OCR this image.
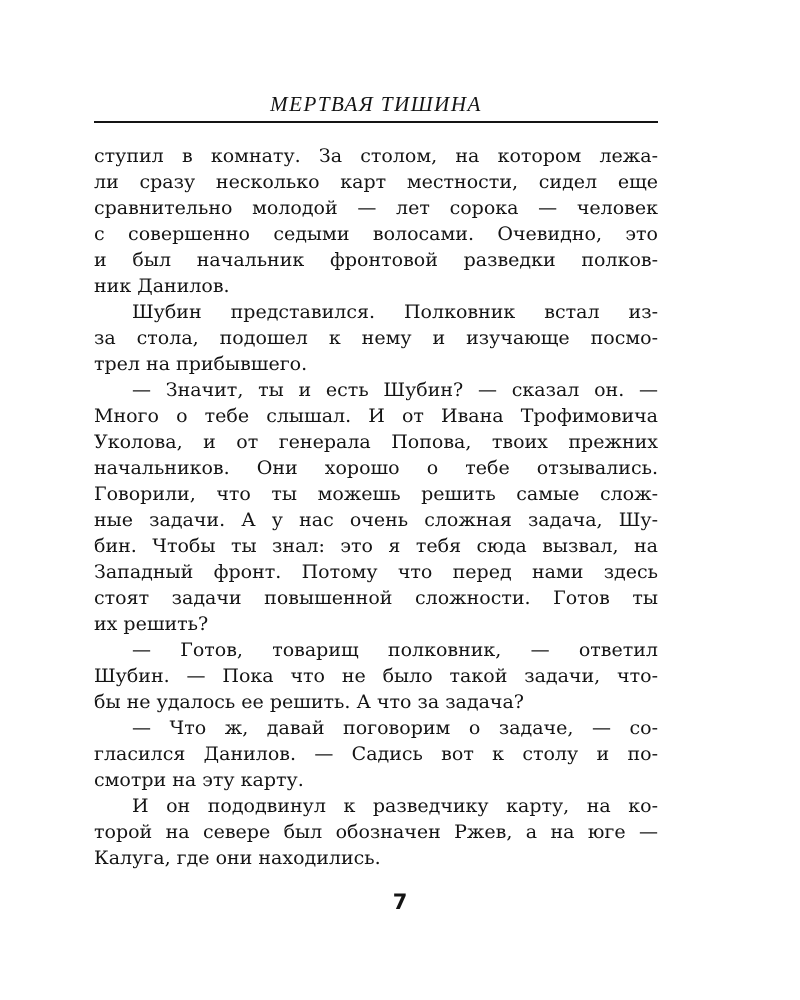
МЕРТВАЯ ТИШИНА
ступил в комнату. За столом, на котором лежа-
ли сразу несколько карт местности, сидел еще
сравнительно молодой — лет сорока — человек
с совершенно седыми волосами. Очевидно, это
и был начальник фронтовой разведки полков-
ник Данилов.
Шубин представился. Полковник встал из-
за стола, подошел к нему и изучающе посмо-
трел на прибывшего.
— Значит, ты и есть Шубин? — сказал он. —
Много о тебе слышал. И от Ивана Трофимовича
Уколова, и от генерала Попова, твоих прежних
начальников. Они хорошо о тебе отзывались.
Говорили, что ты можешь решить самые слож-
ные задачи. А у нас очень сложная задача, Шу-
бин. Чтобы ты знал: это я тебя сюда вызвал, на
Западный фронт. Потому что перед нами здесь
стоят задачи повышенной сложности. Готов ты
их решить?
— Готов, товарищ полковник, — ответил
Шубин. — Пока что не было такой задачи, что-
бы не удалось ее решить. А что за задача?
— Что ж, давай поговорим о задаче, — со-
гласился Данилов. — Садись вот к столу и по-
смотри на эту карту.
И он пододвинул к разведчику карту, на ко-
торой на севере был обозначен Ржев, а на юге —
Калуга, где они находились.
7
